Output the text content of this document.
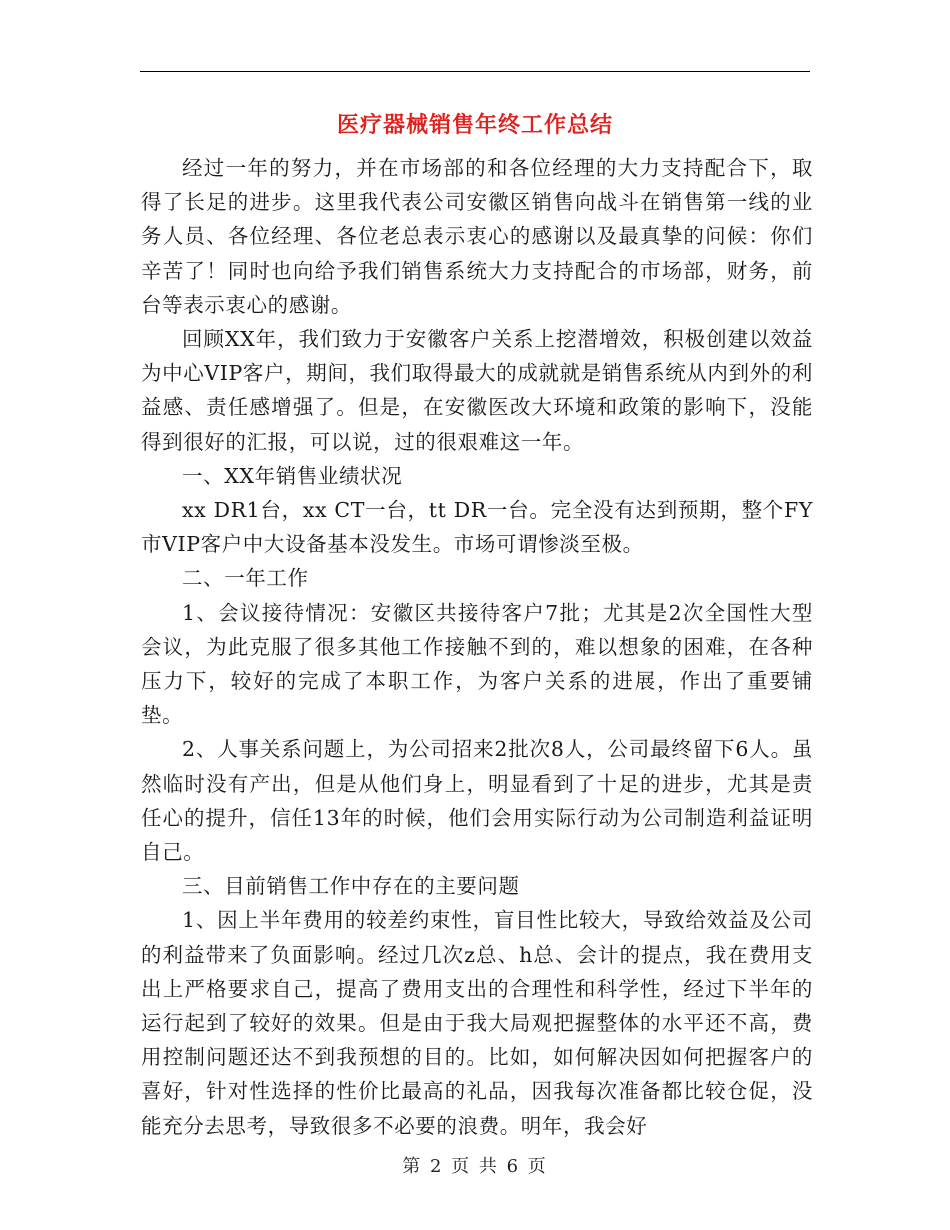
医疗器械销售年终工作总结

经过一年的努力，并在市场部的和各位经理的大力支持配合下，取得了长足的进步。这里我代表公司安徽区销售向战斗在销售第一线的业务人员、各位经理、各位老总表示衷心的感谢以及最真挚的问候：你们辛苦了！同时也向给予我们销售系统大力支持配合的市场部，财务，前台等表示衷心的感谢。

回顾XX年，我们致力于安徽客户关系上挖潜增效，积极创建以效益为中心VIP客户，期间，我们取得最大的成就就是销售系统从内到外的利益感、责任感增强了。但是，在安徽医改大环境和政策的影响下，没能得到很好的汇报，可以说，过的很艰难这一年。

一、XX年销售业绩状况

xx DR1台，xx CT一台，tt DR一台。完全没有达到预期，整个FY市VIP客户中大设备基本没发生。市场可谓惨淡至极。

二、一年工作

1、会议接待情况：安徽区共接待客户7批；尤其是2次全国性大型会议，为此克服了很多其他工作接触不到的，难以想象的困难，在各种压力下，较好的完成了本职工作，为客户关系的进展，作出了重要铺垫。

2、人事关系问题上，为公司招来2批次8人，公司最终留下6人。虽然临时没有产出，但是从他们身上，明显看到了十足的进步，尤其是责任心的提升，信任13年的时候，他们会用实际行动为公司制造利益证明自己。

三、目前销售工作中存在的主要问题

1、因上半年费用的较差约束性，盲目性比较大，导致给效益及公司的利益带来了负面影响。经过几次z总、h总、会计的提点，我在费用支出上严格要求自己，提高了费用支出的合理性和科学性，经过下半年的运行起到了较好的效果。但是由于我大局观把握整体的水平还不高，费用控制问题还达不到我预想的目的。比如，如何解决因如何把握客户的喜好，针对性选择的性价比最高的礼品，因我每次准备都比较仓促，没能充分去思考，导致很多不必要的浪费。明年，我会好

第 2 页 共 6 页
